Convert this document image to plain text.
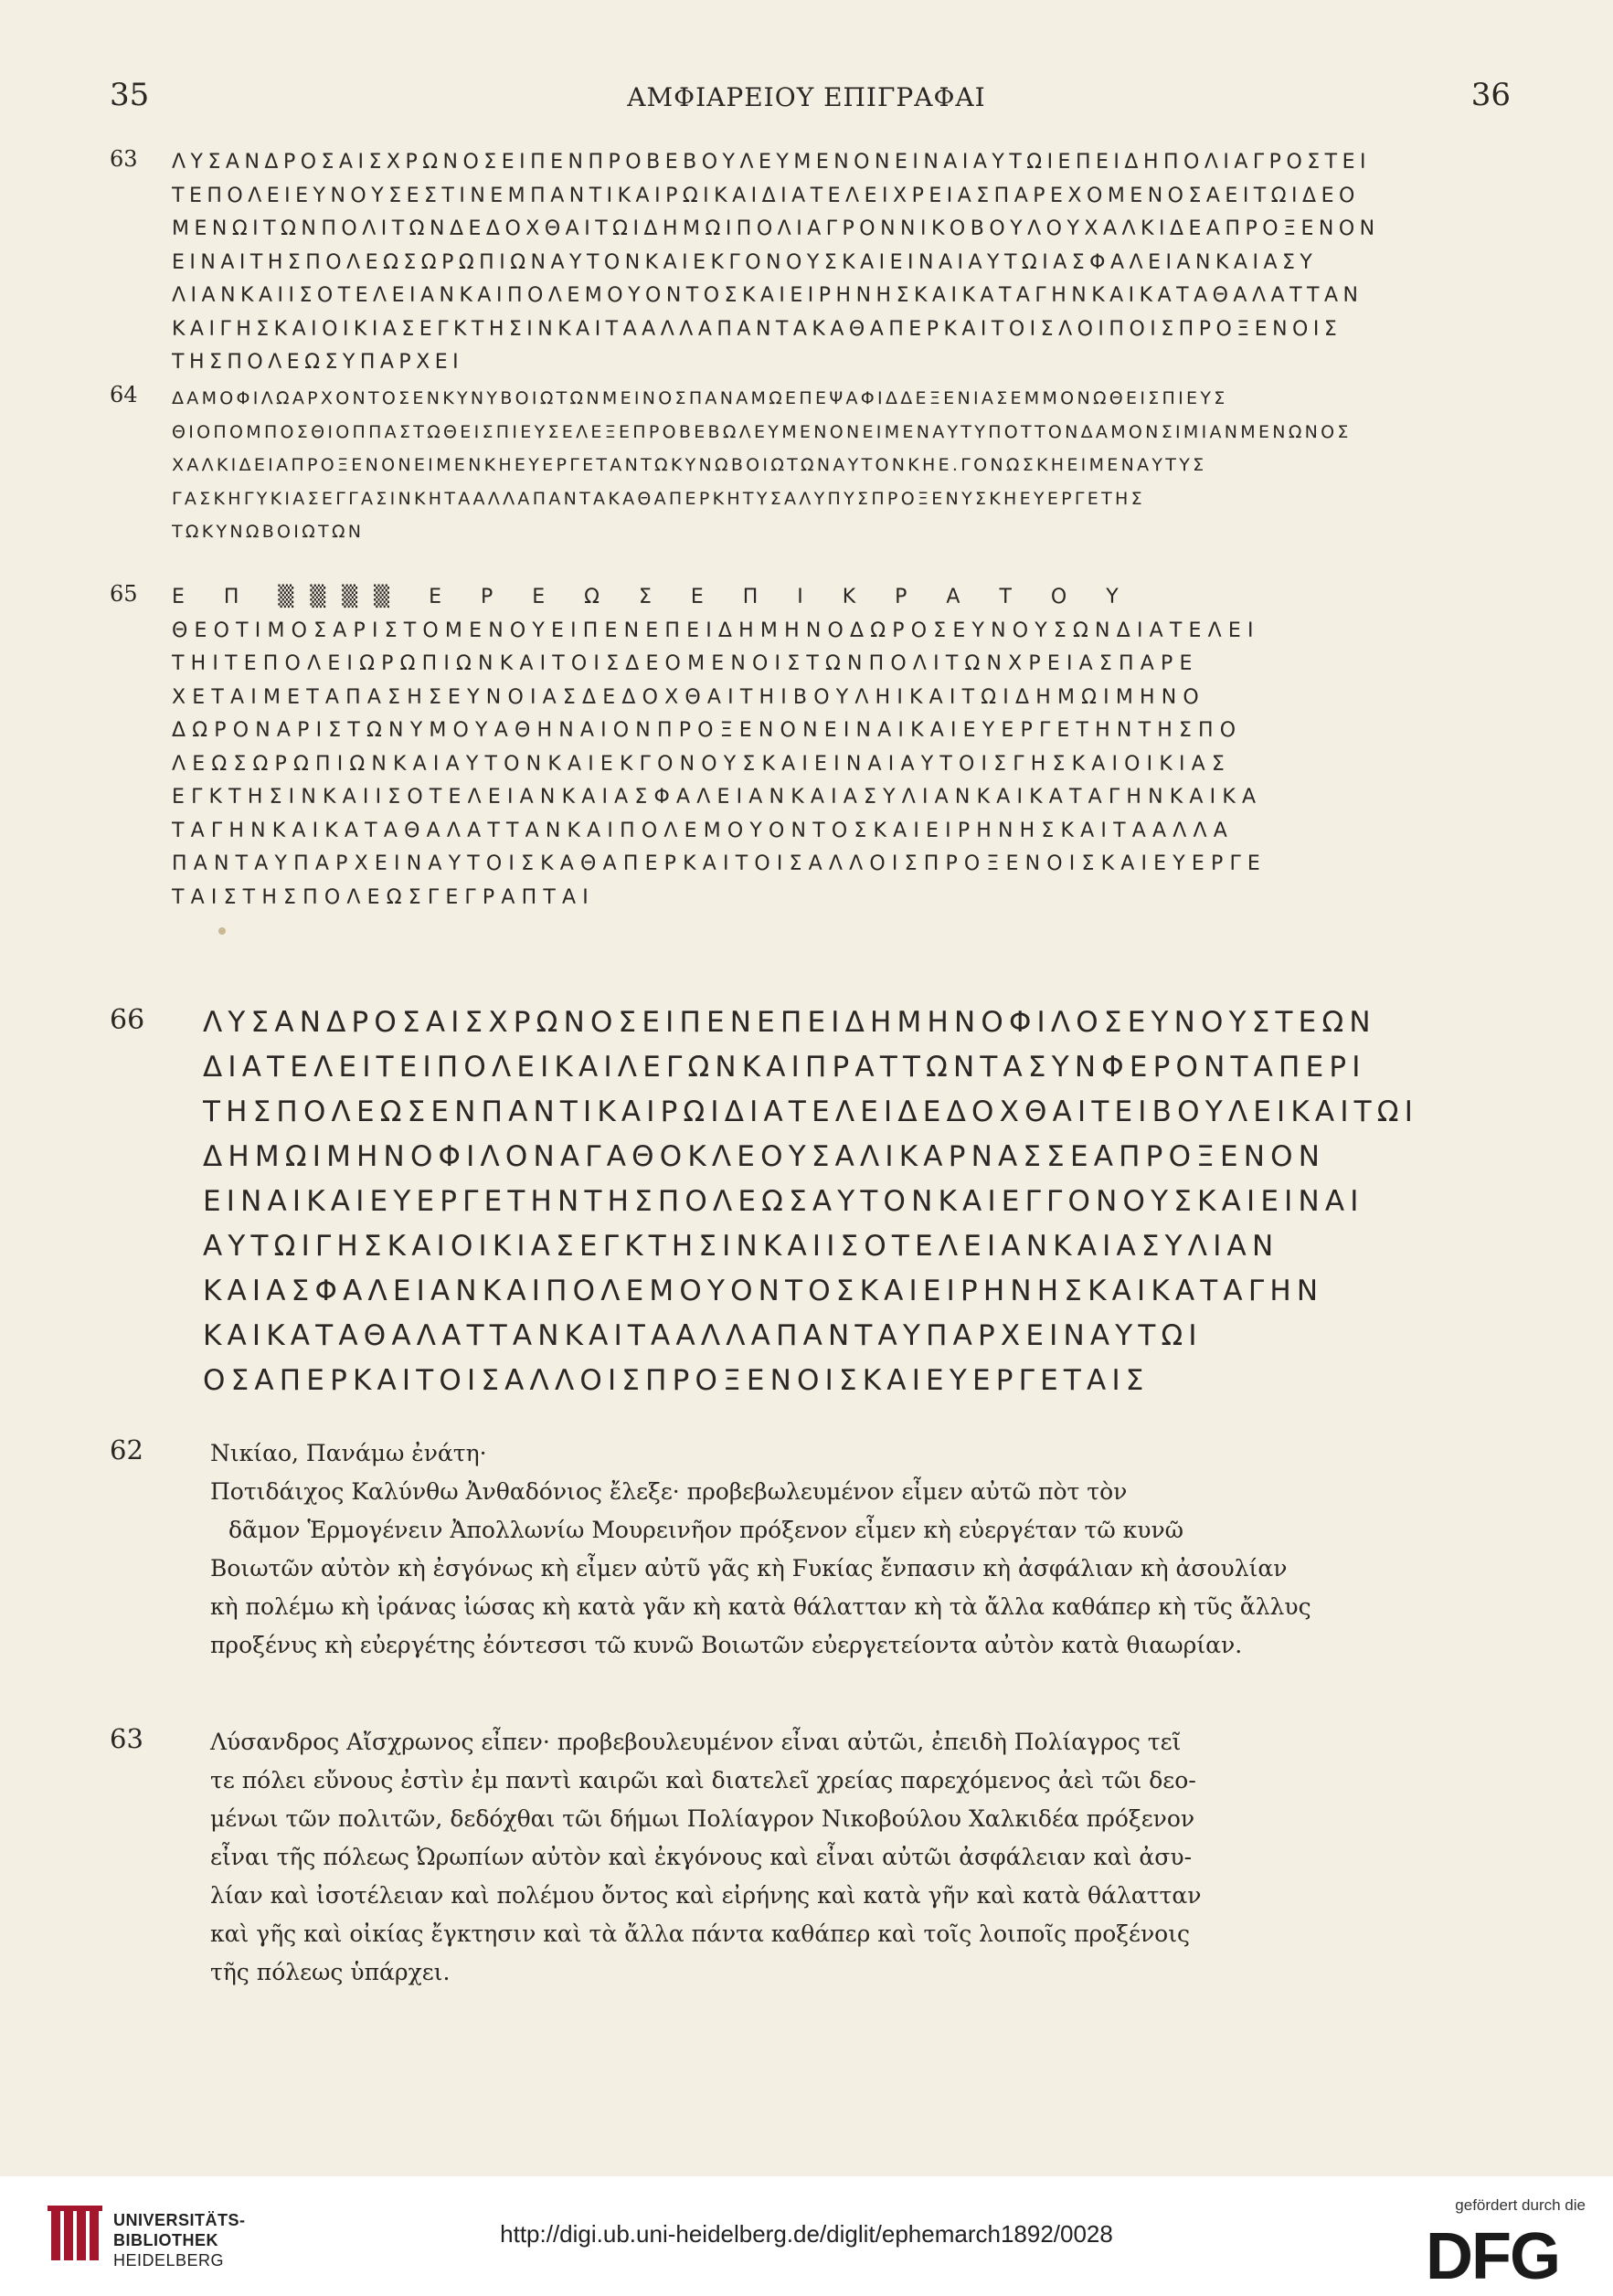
35	ΑΜΦΙΑΡΕΙΟΥ ΕΠΙΓΡΑΦΑΙ	36
63 ΛΥΣΑΝΔΡΟΣΑΙΣΧΡΩΝΟΣΕΙΠΕΝΠΡΟΒΕΒΟΥΛΕΥΜΕΝΟΝΕΙΝΑΙΑΥΤΩΙΕΠΕΙΔΗΠΟΛΙΑΓΡΟΣΤΕΙ
ΤΕΠΟΛΕΙΕΥΝΟΥΣΕΣΤΙΝΕΜΠΑΝΤΙΚΑΙΡΩΙΚΑΙΔΙΑΤΕΛΕΙΧΡΕΙΑΣΠΑΡΕΧΟΜΕΝΟΣΑΕΙΤΩΙΔΕΟ
ΜΕΝΩΙΤΩΝΠΟΛΙΤΩΝΔΕΔΟΧΘΑΙΤΩΙΔΗΜΩΙΠΟΛΙΑΓΡΟΝΝΙΚΟΒΟΥΛΟΥΧΑΛΚΙΔΕΑΠΡΟΞΕΝΟΝ
ΕΙΝΑΙΤΗΣΠΟΛΕΩΣΩΡΩΠΙΩΝΑΥΤΟΝΚΑΙΕΚΓΟΝΟΥΣΚΑΙΕΙΝΑΙΑΥΤΩΙΑΣΦΑΛΕΙΑΝΚΑΙΑΣΥ
ΛΙΑΝΚΑΙΙΣΟΤΕΛΕΙΑΝΚΑΙΠΟΛΕΜΟΥΟΝΤΟΣΚΑΙΕΙΡΗΝΗΣΚΑΙΚΑΤΑΓΗΝΚΑΙΚΑΤΑΘΑΛΑΤΤΑΝ
ΚΑΙΓΗΣΚΑΙΟΙΚΙΑΣΕΓΚΤΗΣΙΝΚΑΙΤΑΑΛΛΑΠΑΝΤΑΚΑΘΑΠΕΡΚΑΙΤΟΙΣΛΟΙΠΟΙΣΠΡΟΞΕΝΟΙΣ
ΤΗΣΠΟΛΕΩΣΥΠΑΡΧΕΙ
64 ΔΑΜΟΦΙΛΩΑΡΧΟΝΤΟΣΕΝΚΥΝΥΒΟΙΩΤΩΝΜΕΙΝΟΣΠΑΝΑΜΩΕΠΕΨΑΦΙΔΔΕΞΕΝΙΑΣΕΜΜΟΝΩΘΕΙΣΠΙΕΥΣ
ΘΙΟΠΟΜΠΟΣΘΙΟΠΠΑΣΤΩΘΕΙΣΠΙΕΥΣΕΛΕΞΕΠΡΟΒΕΒΩΛΕΥΜΕΝΟΝΕΙΜΕΝΑΥΤΥΠΟΤΤΟΝΔΑΜΟΝΣΙΜΙΑΝΜΕΝΩΝΟΣ
ΧΑΛΚΙΔΕΙΑΠΡΟΞΕΝΟΝΕΙΜΕΝΚΗΕΥΕΡΓΕΤΑΝΤΩΚΥΝΩΒΟΙΩΤΩΝΑΥΤΟΝΚΗΕ.ΓΟΝΩΣΚΗΕΙΜΕΝΑΥΤΥΣ
ΓΑΣΚΗΓΥΚΙΑΣΕΓΓΑΣΙΝΚΗΤΑΑΛΛΑΠΑΝΤΑΚΑΘΑΠΕΡΚΗΤΥΣΑΛΥΠΥΣΠΡΟΞΕΝΥΣΚΗΕΥΕΡΓΕΤΗΣ
ΤΩΚΥΝΩΒΟΙΩΤΩΝ
65 Ε Π ▒▒▒▒ Ε Ρ Ε Ω Σ Ε Π Ι Κ Ρ Α Τ Ο Υ
ΘΕΟΤΙΜΟΣΑΡΙΣΤΟΜΕΝΟΥΕΙΠΕΝΕΠΕΙΔΗΜΗΝΟΔΩΡΟΣΕΥΝΟΥΣΩΝΔΙΑΤΕΛΕΙ
ΤΗΙΤΕΠΟΛΕΙΩΡΩΠΙΩΝΚΑΙΤΟΙΣΔΕΟΜΕΝΟΙΣΤΩΝΠΟΛΙΤΩΝΧΡΕΙΑΣΠΑΡΕ
ΧΕΤΑΙΜΕΤΑΠΑΣΗΣΕΥΝΟΙΑΣΔΕΔΟΧΘΑΙΤΗΙΒΟΥΛΗΙΚΑΙΤΩΙΔΗΜΩΙΜΗΝΟ
ΔΩΡΟΝΑΡΙΣΤΩΝΥΜΟΥΑΘΗΝΑΙΟΝΠΡΟΞΕΝΟΝΕΙΝΑΙΚΑΙΕΥΕΡΓΕΤΗΝΤΗΣΠΟ
ΛΕΩΣΩΡΩΠΙΩΝΚΑΙΑΥΤΟΝΚΑΙΕΚΓΟΝΟΥΣΚΑΙΕΙΝΑΙΑΥΤΟΙΣΓΗΣΚΑΙΟΙΚΙΑΣ
ΕΓΚΤΗΣΙΝΚΑΙΙΣΟΤΕΛΕΙΑΝΚΑΙΑΣΦΑΛΕΙΑΝΚΑΙΑΣΥΛΙΑΝΚΑΙΚΑΤΑΓΗΝΚΑΙΚΑ
ΤΑΓΗΝΚΑΙΚΑΤΑΘΑΛΑΤΤΑΝΚΑΙΠΟΛΕΜΟΥΟΝΤΟΣΚΑΙΕΙΡΗΝΗΣΚΑΙΤΑΑΛΛΑ
ΠΑΝΤΑΥΠΑΡΧΕΙΝΑΥΤΟΙΣΚΑΘΑΠΕΡΚΑΙΤΟΙΣΑΛΛΟΙΣΠΡΟΞΕΝΟΙΣΚΑΙΕΥΕΡΓΕ
ΤΑΙΣΤΗΣΠΟΛΕΩΣΓΕΓΡΑΠΤΑΙ
66 ΛΥΣΑΝΔΡΟΣΑΙΣΧΡΩΝΟΣΕΙΠΕΝΕΠΕΙΔΗΜΗΝΟΦΙΛΟΣΕΥΝΟΥΣΤΕΩΝ
ΔΙΑΤΕΛΕΙΤΕΙΠΟΛΕΙΚΑΙΛΕΓΩΝΚΑΙΠΡΑΤΤΩΝΤΑΣΥΝΦΕΡΟΝΤΑΠΕΡΙ
ΤΗΣΠΟΛΕΩΣΕΝΠΑΝΤΙΚΑΙΡΩΙΔΙΑΤΕΛΕΙΔΕΔΟΧΘΑΙΤΕΙΒΟΥΛΕΙΚΑΙΤΩΙ
ΔΗΜΩΙΜΗΝΟΦΙΛΟΝΑΓΑΘΟΚΛΕΟΥΣΑΛΙΚΑΡΝΑΣΣΕΑΠΡΟΞΕΝΟΝ
ΕΙΝΑΙΚΑΙΕΥΕΡΓΕΤΗΝΤΗΣΠΟΛΕΩΣΑΥΤΟΝΚΑΙΕΓΓΟΝΟΥΣΚΑΙΕΙΝΑΙ
ΑΥΤΩΙΓΗΣΚΑΙΟΙΚΙΑΣΕΓΚΤΗΣΙΝΚΑΙΙΣΟΤΕΛΕΙΑΝΚΑΙΑΣΥΛΙΑΝ
ΚΑΙΑΣΦΑΛΕΙΑΝΚΑΙΠΟΛΕΜΟΥΟΝΤΟΣΚΑΙΕΙΡΗΝΗΣΚΑΙΚΑΤΑΓΗΝ
ΚΑΙΚΑΤΑΘΑΛΑΤΤΑΝΚΑΙΤΑΑΛΛΑΠΑΝΤΑΥΠΑΡΧΕΙΝΑΥΤΩΙ
ΟΣΑΠΕΡΚΑΙΤΟΙΣΑΛΛΟΙΣΠΡΟΞΕΝΟΙΣΚΑΙΕΥΕΡΓΕΤΑΙΣ
62	Νικίαο, Πανάμω ἐνάτη·
Ποτιδάιχος Καλύνθω Ἀνθαδόνιος ἔλεξε· προβεβωλευμένον εἶμεν αὐτῶ πὸτ τὸν
δᾶμον Ἑρμογένειν Ἀπολλωνίω Μουρεινῆον πρόξενον εἶμεν κὴ εὐεργέταν τῶ κυνῶ
Βοιωτῶν αὐτὸν κὴ ἐσγόνως κὴ εἶμεν αὐτῦ γᾶς κὴ Ϝυκίας ἔνπασιν κὴ ἀσφάλιαν κὴ ἀσουλίαν
κὴ πολέμω κὴ ἰράνας ἰώσας κὴ κατὰ γᾶν κὴ κατὰ θάλατταν κὴ τὰ ἄλλα καθάπερ κὴ τῦς ἄλλυς
προξένυς κὴ εὐεργέτης ἐόντεσσι τῶ κυνῶ Βοιωτῶν εὐεργετείοντα αὐτὸν κατὰ θιαωρίαν.
63	Λύσανδρος Αἴσχρωνος εἶπεν· προβεβουλευμένον εἶναι αὐτῶι, ἐπειδὴ Πολίαγρος τεῖ
τε πόλει εὔνους ἐστὶν ἐμ παντὶ καιρῶι καὶ διατελεῖ χρείας παρεχόμενος ἀεὶ τῶι δεο-
μένωι τῶν πολιτῶν, δεδόχθαι τῶι δήμωι Πολίαγρον Νικοβούλου Χαλκιδέα πρόξενον
εἶναι τῆς πόλεως Ὠρωπίων αὐτὸν καὶ ἐκγόνους καὶ εἶναι αὐτῶι ἀσφάλειαν καὶ ἀσυ-
λίαν καὶ ἰσοτέλειαν καὶ πολέμου ὄντος καὶ εἰρήνης καὶ κατὰ γῆν καὶ κατὰ θάλατταν
καὶ γῆς καὶ οἰκίας ἔγκτησιν καὶ τὰ ἄλλα πάντα καθάπερ καὶ τοῖς λοιποῖς προξένοις
τῆς πόλεως ὑπάρχει.
UNIVERSITÄTS-
BIBLIOTHEK
HEIDELBERG
http://digi.ub.uni-heidelberg.de/diglit/ephemarch1892/0028
gefördert durch die
DFG
